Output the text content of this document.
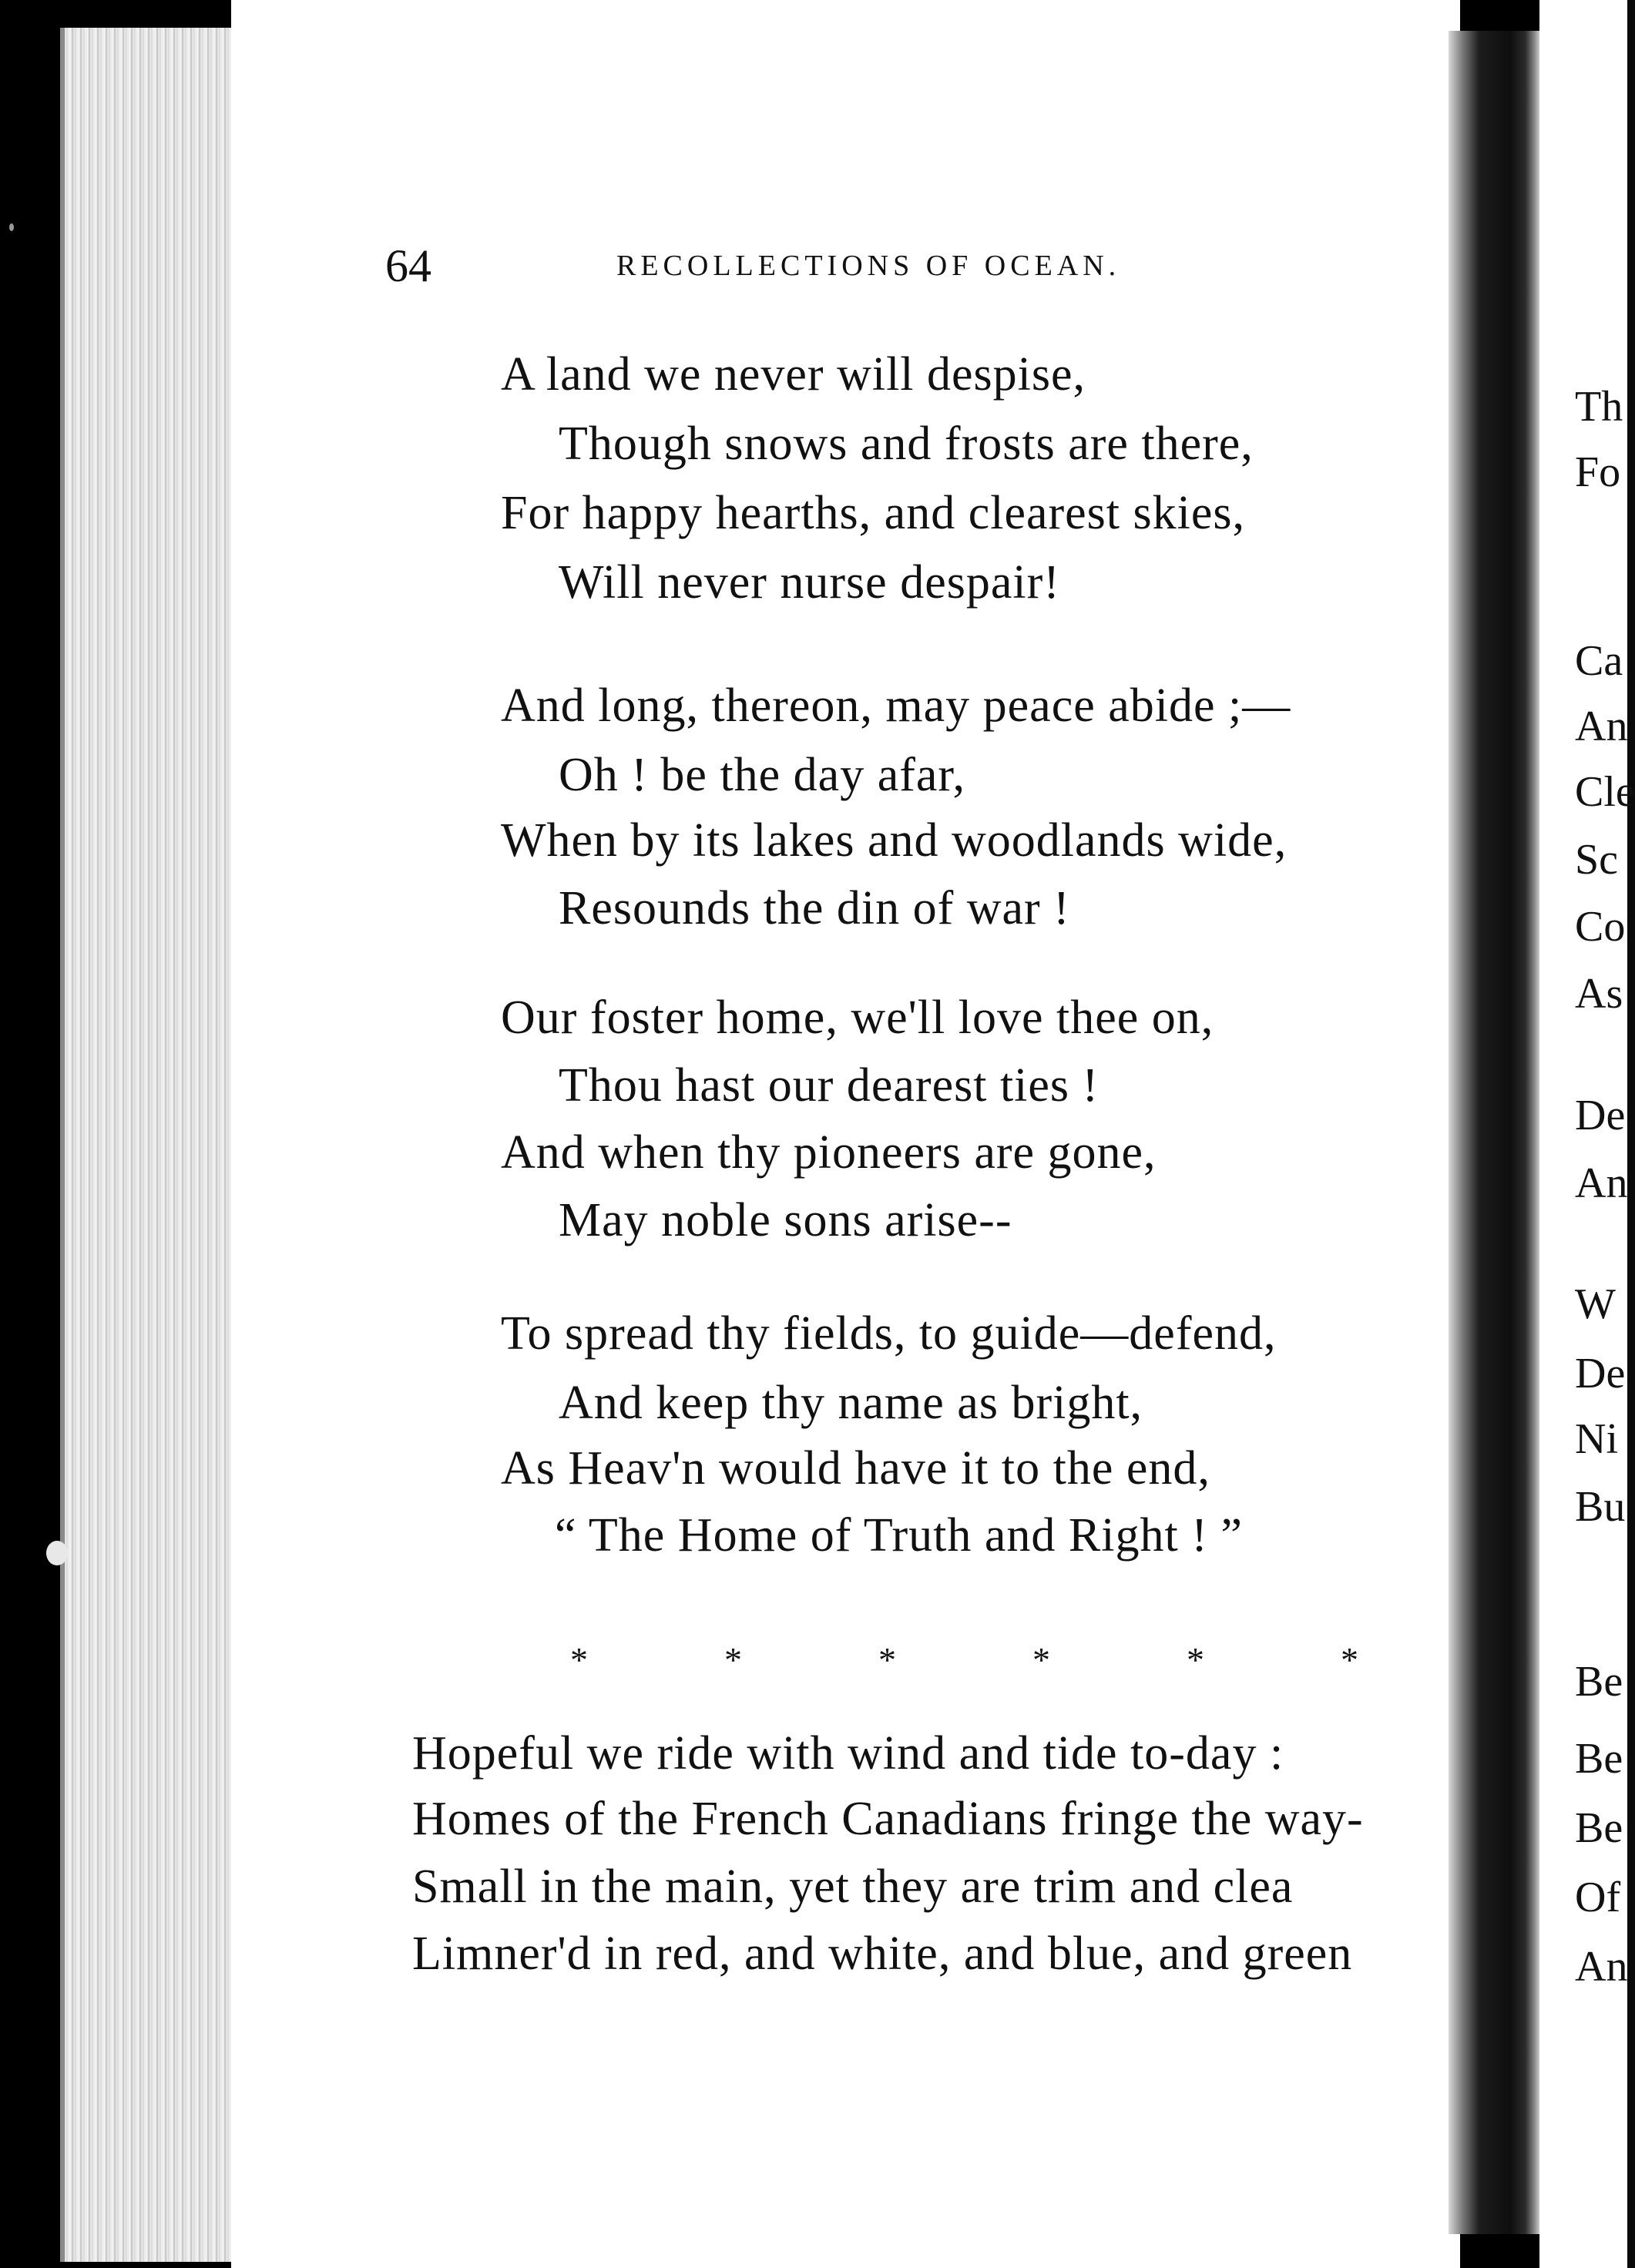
64	RECOLLECTIONS OF OCEAN.
A land we never will despise,
Though snows and frosts are there,
For happy hearths, and clearest skies,
Will never nurse despair!
And long, thereon, may peace abide ;—
Oh ! be the day afar,
When by its lakes and woodlands wide,
Resounds the din of war !
Our foster home, we'll love thee on,
Thou hast our dearest ties !
And when thy pioneers are gone,
May noble sons arise--
To spread thy fields, to guide—defend,
And keep thy name as bright,
As Heav'n would have it to the end,
“ The Home of Truth and Right ! ”
*	*	*	*	*	*
Hopeful we ride with wind and tide to-day :
Homes of the French Canadians fringe the way-
Small in the main, yet they are trim and clea
Limner'd in red, and white, and blue, and green
Th
Fo
Ca
An
Cle
Sc
Co
As
De
An
W
De
Ni
Bu
Be
Be
Be
Of
An
